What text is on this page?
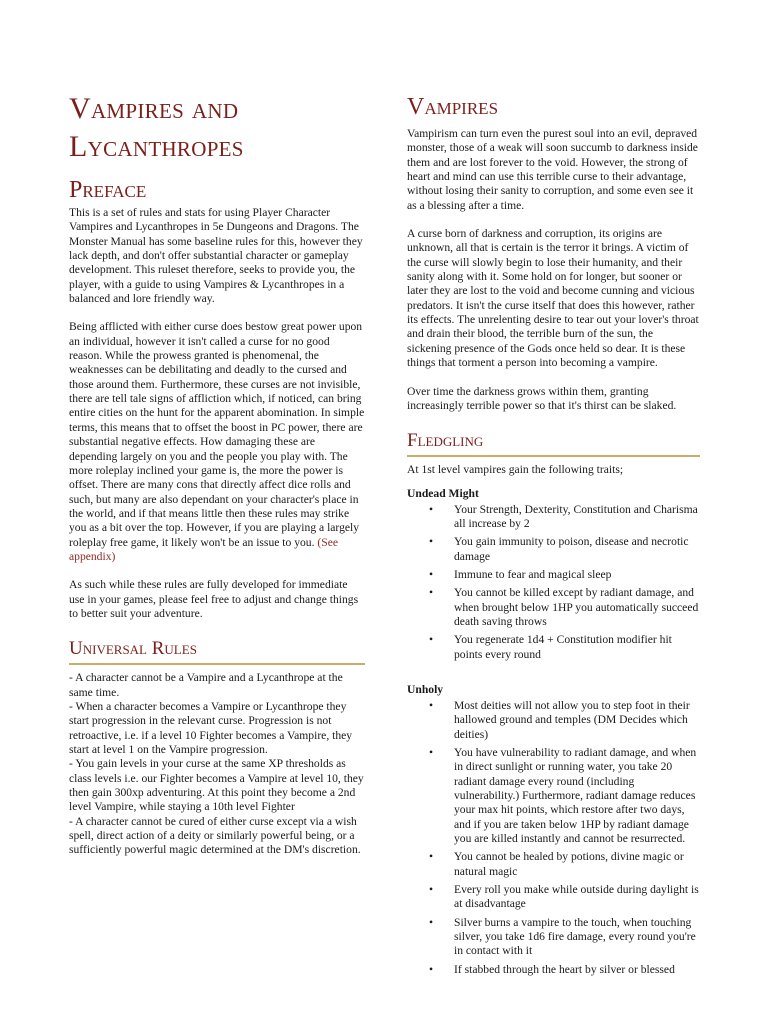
Vampires and
Lycanthropes
Preface

This is a set of rules and stats for using Player Character Vampires and Lycanthropes in 5e Dungeons and Dragons. The Monster Manual has some baseline rules for this, however they lack depth, and don't offer substantial character or gameplay development. This ruleset therefore, seeks to provide you, the player, with a guide to using Vampires & Lycanthropes in a balanced and lore friendly way.

Being afflicted with either curse does bestow great power upon an individual, however it isn't called a curse for no good reason. While the prowess granted is phenomenal, the weaknesses can be debilitating and deadly to the cursed and those around them. Furthermore, these curses are not invisible, there are tell tale signs of affliction which, if noticed, can bring entire cities on the hunt for the apparent abomination. In simple terms, this means that to offset the boost in PC power, there are substantial negative effects. How damaging these are depending largely on you and the people you play with. The more roleplay inclined your game is, the more the power is offset. There are many cons that directly affect dice rolls and such, but many are also dependant on your character's place in the world, and if that means little then these rules may strike you as a bit over the top. However, if you are playing a largely roleplay free game, it likely won't be an issue to you. (See appendix)

As such while these rules are fully developed for immediate use in your games, please feel free to adjust and change things to better suit your adventure.

Universal Rules

- A character cannot be a Vampire and a Lycanthrope at the same time.

- When a character becomes a Vampire or Lycanthrope they start progression in the relevant curse. Progression is not retroactive, i.e. if a level 10 Fighter becomes a Vampire, they start at level 1 on the Vampire progression.

- You gain levels in your curse at the same XP thresholds as class levels i.e. our Fighter becomes a Vampire at level 10, they then gain 300xp adventuring. At this point they become a 2nd level Vampire, while staying a 10th level Fighter

- A character cannot be cured of either curse except via a wish spell, direct action of a deity or similarly powerful being, or a sufficiently powerful magic determined at the DM's discretion.

Vampires

Vampirism can turn even the purest soul into an evil, depraved monster, those of a weak will soon succumb to darkness inside them and are lost forever to the void. However, the strong of heart and mind can use this terrible curse to their advantage, without losing their sanity to corruption, and some even see it as a blessing after a time.

A curse born of darkness and corruption, its origins are unknown, all that is certain is the terror it brings. A victim of the curse will slowly begin to lose their humanity, and their sanity along with it. Some hold on for longer, but sooner or later they are lost to the void and become cunning and vicious predators. It isn't the curse itself that does this however, rather its effects. The unrelenting desire to tear out your lover's throat and drain their blood, the terrible burn of the sun, the sickening presence of the Gods once held so dear. It is these things that torment a person into becoming a vampire.

Over time the darkness grows within them, granting increasingly terrible power so that it's thirst can be slaked.

Fledgling

At 1st level vampires gain the following traits;

Undead Might
• Your Strength, Dexterity, Constitution and Charisma all increase by 2
• You gain immunity to poison, disease and necrotic damage
• Immune to fear and magical sleep
• You cannot be killed except by radiant damage, and when brought below 1HP you automatically succeed death saving throws
• You regenerate 1d4 + Constitution modifier hit points every round
Unholy
• Most deities will not allow you to step foot in their hallowed ground and temples (DM Decides which deities)
• You have vulnerability to radiant damage, and when in direct sunlight or running water, you take 20 radiant damage every round (including vulnerability.) Furthermore, radiant damage reduces your max hit points, which restore after two days, and if you are taken below 1HP by radiant damage you are killed instantly and cannot be resurrected.
• You cannot be healed by potions, divine magic or natural magic
• Every roll you make while outside during daylight is at disadvantage
• Silver burns a vampire to the touch, when touching silver, you take 1d6 fire damage, every round you're in contact with it
• If stabbed through the heart by silver or blessed
